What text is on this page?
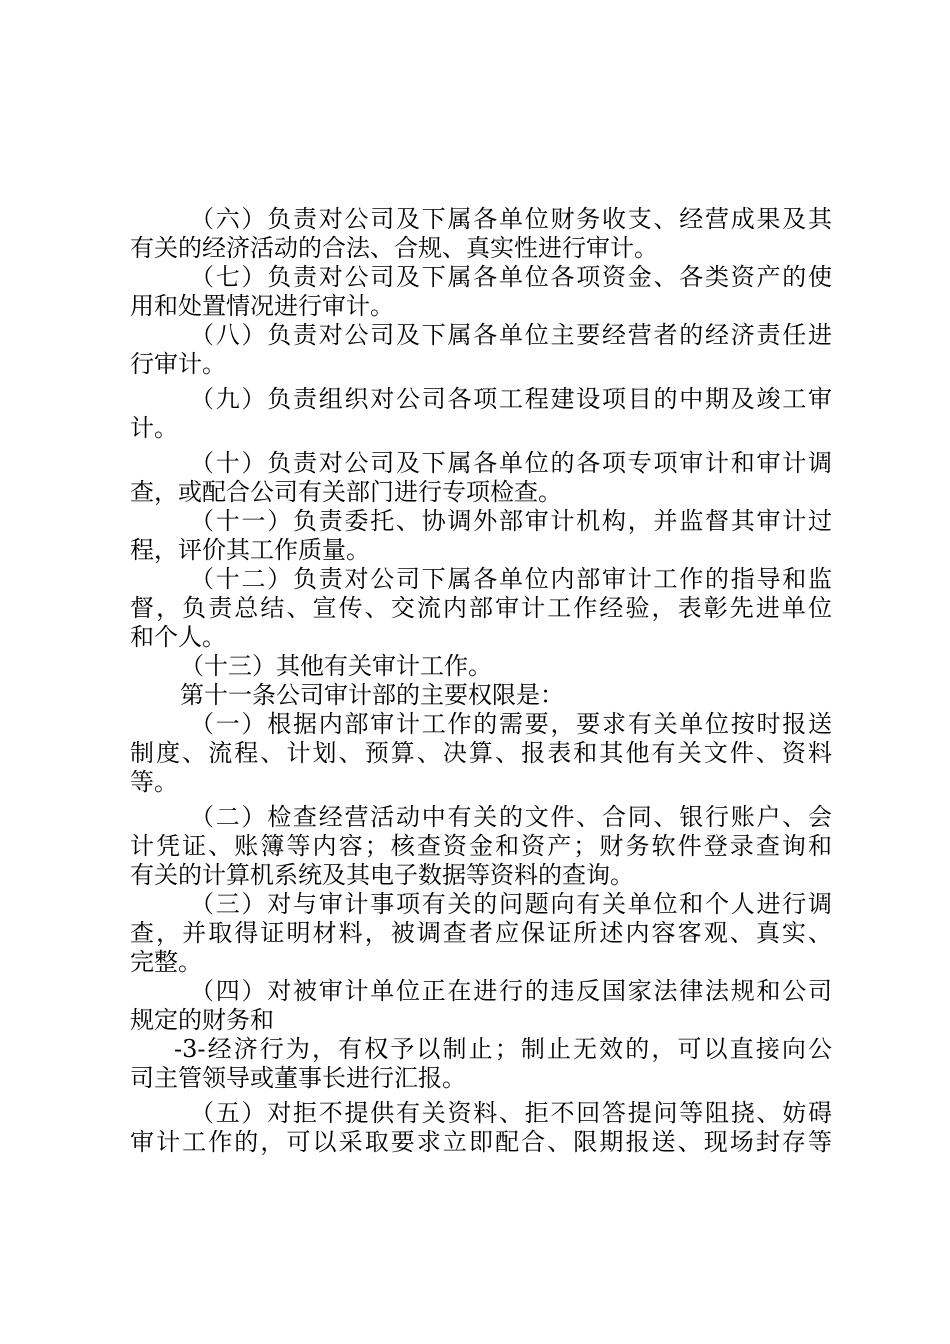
（六）负责对公司及下属各单位财务收支、经营成果及其
有关的经济活动的合法、合规、真实性进行审计。
（七）负责对公司及下属各单位各项资金、各类资产的使
用和处置情况进行审计。
（八）负责对公司及下属各单位主要经营者的经济责任进
行审计。
（九）负责组织对公司各项工程建设项目的中期及竣工审
计。
（十）负责对公司及下属各单位的各项专项审计和审计调
查，或配合公司有关部门进行专项检查。
（十一）负责委托、协调外部审计机构，并监督其审计过
程，评价其工作质量。
（十二）负责对公司下属各单位内部审计工作的指导和监
督，负责总结、宣传、交流内部审计工作经验，表彰先进单位
和个人。
（十三）其他有关审计工作。
第十一条公司审计部的主要权限是：
（一）根据内部审计工作的需要，要求有关单位按时报送
制度、流程、计划、预算、决算、报表和其他有关文件、资料
等。
（二）检查经营活动中有关的文件、合同、银行账户、会
计凭证、账簿等内容；核查资金和资产；财务软件登录查询和
有关的计算机系统及其电子数据等资料的查询。
（三）对与审计事项有关的问题向有关单位和个人进行调
查，并取得证明材料，被调查者应保证所述内容客观、真实、
完整。
（四）对被审计单位正在进行的违反国家法律法规和公司
规定的财务和
-3-经济行为，有权予以制止；制止无效的，可以直接向公
司主管领导或董事长进行汇报。
（五）对拒不提供有关资料、拒不回答提问等阻挠、妨碍
审计工作的，可以采取要求立即配合、限期报送、现场封存等
